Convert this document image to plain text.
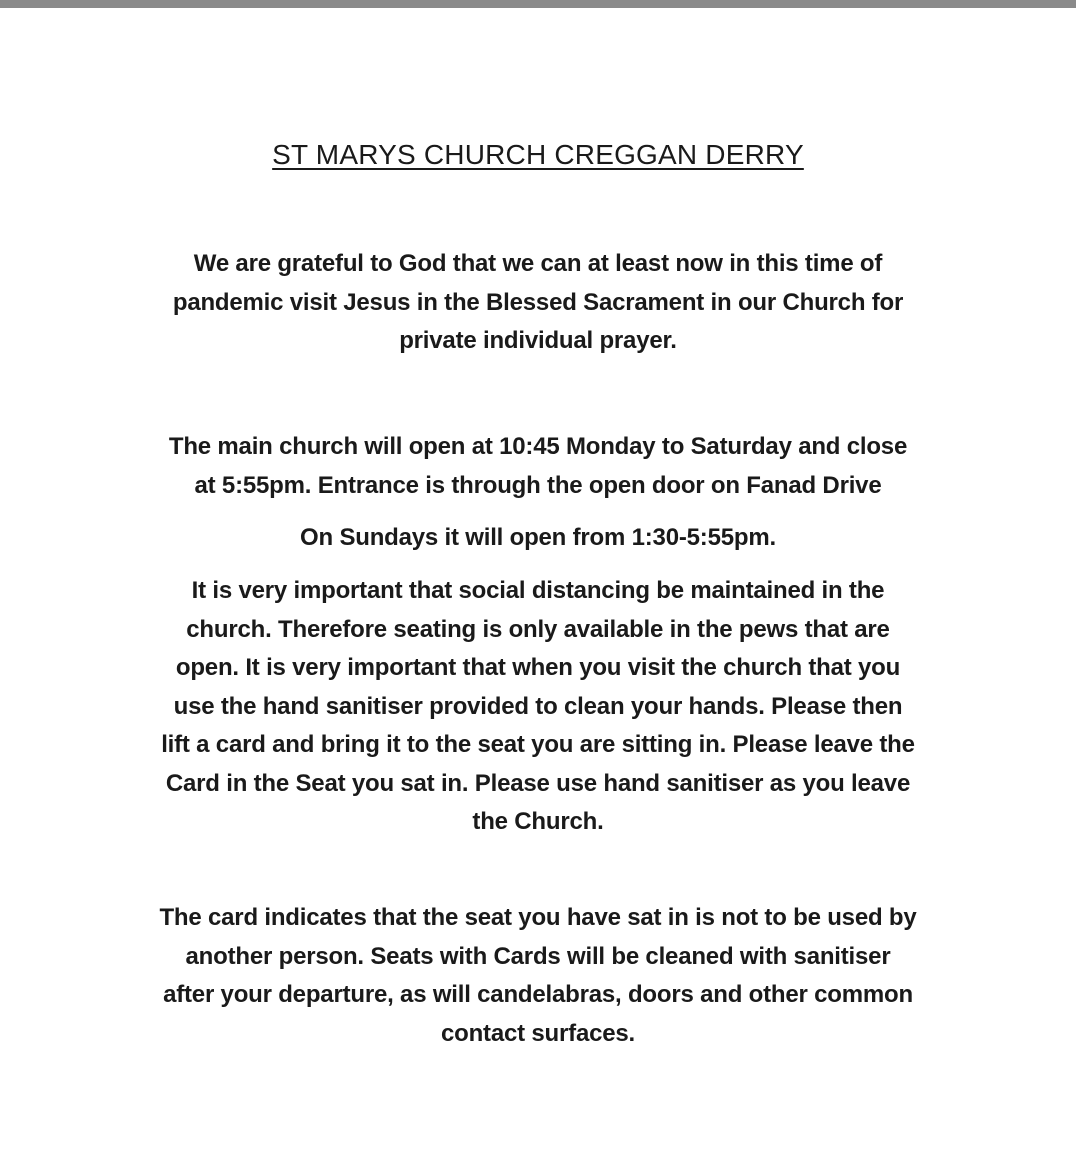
ST MARYS CHURCH CREGGAN DERRY
We are grateful to God that we can at least now in this time of
pandemic visit Jesus in the Blessed Sacrament in our Church for
private individual prayer.
The main church will open at 10:45 Monday to Saturday and close
at 5:55pm. Entrance is through the open door on Fanad Drive
On Sundays it will open from 1:30-5:55pm.
It is very important that social distancing be maintained in the
church. Therefore seating is only available in the pews that are
open. It is very important that when you visit the church that you
use the hand sanitiser provided to clean your hands. Please then
lift a card and bring it to the seat you are sitting in. Please leave the
Card in the Seat you sat in. Please use hand sanitiser as you leave
the Church.
The card indicates that the seat you have sat in is not to be used by
another person. Seats with Cards will be cleaned with sanitiser
after your departure, as will candelabras, doors and other common
contact surfaces.
